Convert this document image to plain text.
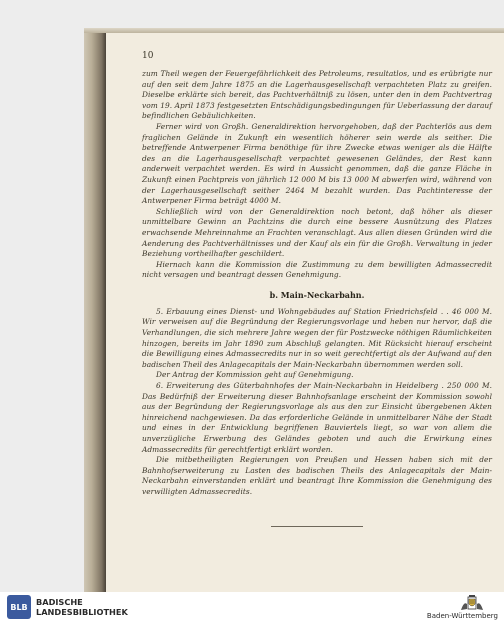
10

zum Theil wegen der Feuergefährlichkeit des Petroleums, resultatlos, und es erübrigte nur auf den seit dem Jahre 1875 an die Lagerhausgesellschaft verpachteten Platz zu greifen. Dieselbe erklärte sich bereit, das Pachtverhältniß zu lösen, unter den in dem Pachtvertrag vom 19. April 1873 festgesetzten Entschädigungsbedingungen für Ueberlassung der darauf befindlichen Gebäulichkeiten.

Ferner wird von Großh. Generaldirektion hervorgehoben, daß der Pachterlös aus dem fraglichen Gelände in Zukunft ein wesentlich höherer sein werde als seither. Die betreffende Antwerpener Firma benöthige für ihre Zwecke etwas weniger als die Hälfte des an die Lagerhausgesellschaft verpachtet gewesenen Geländes, der Rest kann anderweit verpachtet werden. Es wird in Aussicht genommen, daß die ganze Fläche in Zukunft einen Pachtpreis von jährlich 12 000 M bis 13 000 M abwerfen wird, während von der Lagerhausgesellschaft seither 2464 M bezahlt wurden. Das Pachtinteresse der Antwerpener Firma beträgt 4000 M.

Schließlich wird von der Generaldirektion noch betont, daß höher als dieser unmittelbare Gewinn an Pachtzins die durch eine bessere Ausnützung des Platzes erwachsende Mehreinnahme an Frachten veranschlagt. Aus allen diesen Gründen wird die Aenderung des Pachtverhältnisses und der Kauf als ein für die Großh. Verwaltung in jeder Beziehung vortheilhafter geschildert.

Hiernach kann die Kommission die Zustimmung zu dem bewilligten Admassecredit nicht versagen und beantragt dessen Genehmigung.

b. Main-Neckarbahn.

5. Erbauung eines Dienst- und Wohngebäudes auf Station Friedrichsfeld . . 46 000 M. Wir verweisen auf die Begründung der Regierungsvorlage und heben nur hervor, daß die Verhandlungen, die sich mehrere Jahre wegen der für Postzwecke nöthigen Räumlichkeiten hinzogen, bereits im Jahr 1890 zum Abschluß gelangten. Mit Rücksicht hierauf erscheint die Bewilligung eines Admassecredits nur in so weit gerechtfertigt als der Aufwand auf den badischen Theil des Anlagecapitals der Main-Neckarbahn übernommen werden soll.

Der Antrag der Kommission geht auf Genehmigung.

6. Erweiterung des Güterbahnhofes der Main-Neckarbahn in Heidelberg . 250 000 M. Das Bedürfniß der Erweiterung dieser Bahnhofsanlage erscheint der Kommission sowohl aus der Begründung der Regierungsvorlage als aus den zur Einsicht übergebenen Akten hinreichend nachgewiesen. Da das erforderliche Gelände in unmittelbarer Nähe der Stadt und eines in der Entwicklung begriffenen Bauviertels liegt, so war von allem die unverzügliche Erwerbung des Geländes geboten und auch die Erwirkung eines Admassecredits für gerechtfertigt erklärt worden.

Die mitbetheiligten Regierungen von Preußen und Hessen haben sich mit der Bahnhofserweiterung zu Lasten des badischen Theils des Anlagecapitals der Main-Neckarbahn einverstanden erklärt und beantragt Ihre Kommission die Genehmigung des verwilligten Admassecredits.

BLB	BADISCHE
LANDESBIBLIOTHEK	Baden-Württemberg
